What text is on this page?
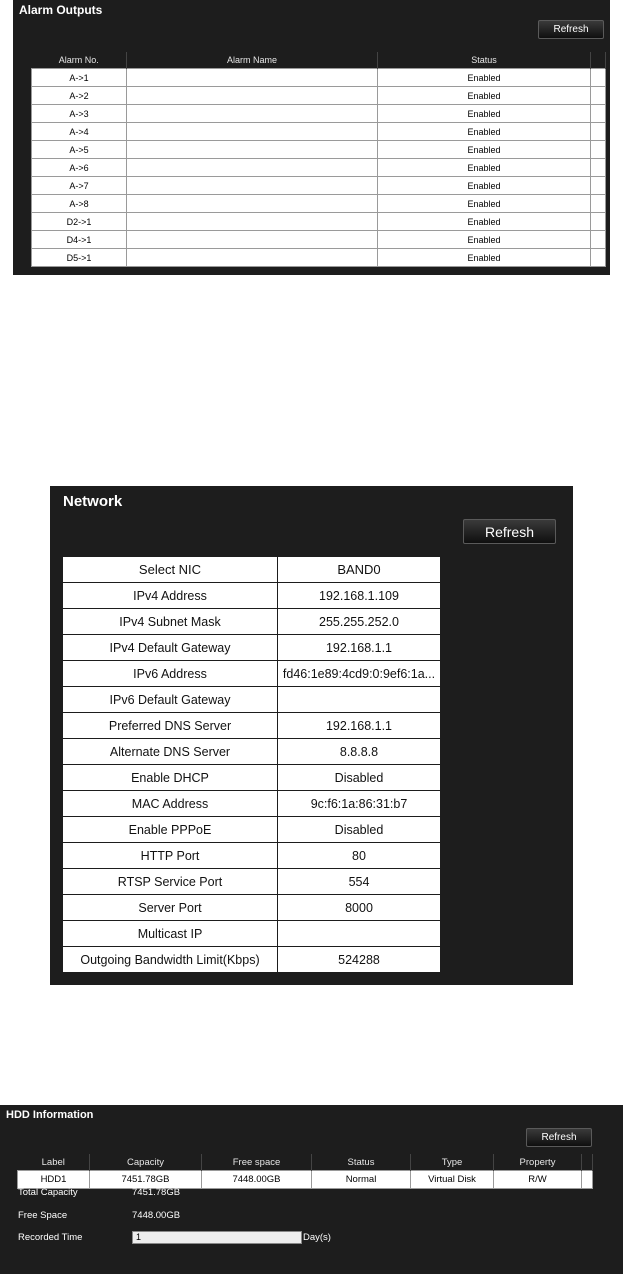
Alarm Outputs
Refresh
Alarm No.	Alarm Name	Status	
A->1		Enabled	
A->2		Enabled	
A->3		Enabled	
A->4		Enabled	
A->5		Enabled	
A->6		Enabled	
A->7		Enabled	
A->8		Enabled	
D2->1		Enabled	
D4->1		Enabled	
D5->1		Enabled	
Network
Refresh
Select NIC	BAND0
IPv4 Address	192.168.1.109
IPv4 Subnet Mask	255.255.252.0
IPv4 Default Gateway	192.168.1.1
IPv6 Address	fd46:1e89:4cd9:0:9ef6:1a...
IPv6 Default Gateway	
Preferred DNS Server	192.168.1.1
Alternate DNS Server	8.8.8.8
Enable DHCP	Disabled
MAC Address	9c:f6:1a:86:31:b7
Enable PPPoE	Disabled
HTTP Port	80
RTSP Service Port	554
Server Port	8000
Multicast IP	
Outgoing Bandwidth Limit(Kbps)	524288
HDD Information
Refresh
Label	Capacity	Free space	Status	Type	Property	
HDD1	7451.78GB	7448.00GB	Normal	Virtual Disk	R/W	
Total Capacity	7451.78GB
Free Space	7448.00GB
Recorded Time	1	Day(s)
